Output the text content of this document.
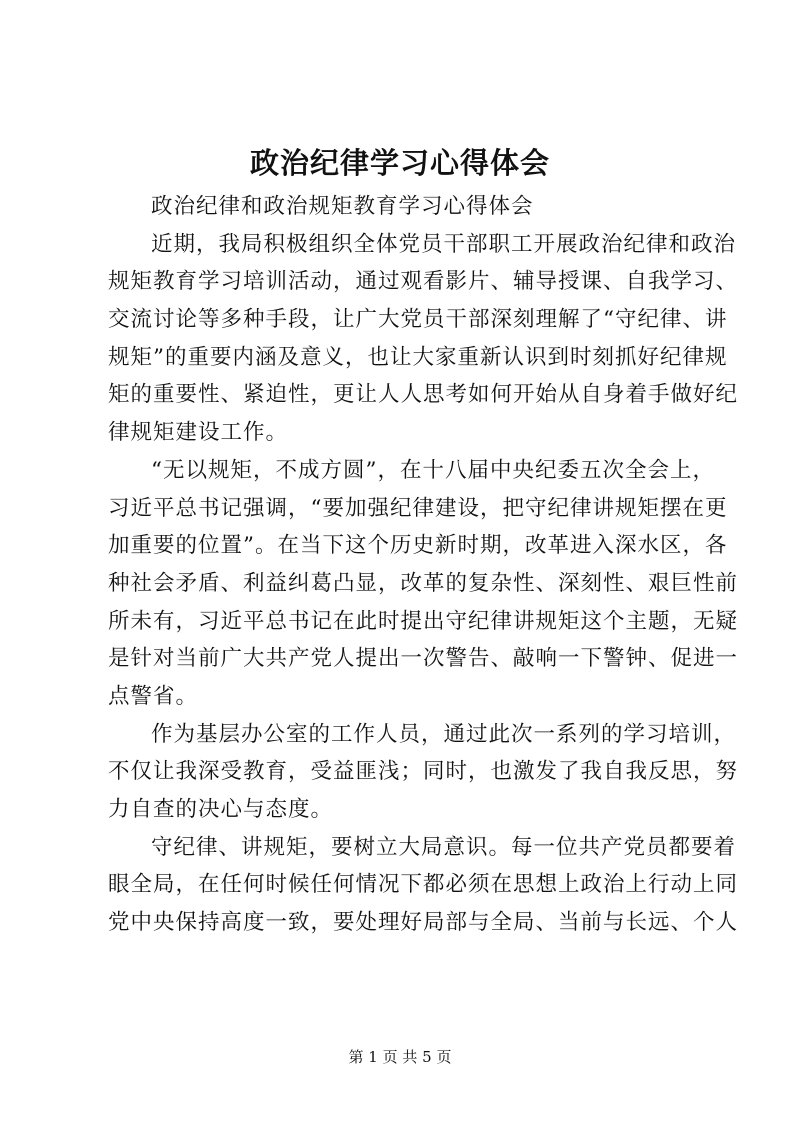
政治纪律学习心得体会
政治纪律和政治规矩教育学习心得体会
近期，我局积极组织全体党员干部职工开展政治纪律和政治
规矩教育学习培训活动，通过观看影片、辅导授课、自我学习、
交流讨论等多种手段，让广大党员干部深刻理解了“守纪律、讲
规矩”的重要内涵及意义，也让大家重新认识到时刻抓好纪律规
矩的重要性、紧迫性，更让人人思考如何开始从自身着手做好纪
律规矩建设工作。
“无以规矩，不成方圆”，在十八届中央纪委五次全会上，
习近平总书记强调，“要加强纪律建设，把守纪律讲规矩摆在更
加重要的位置”。在当下这个历史新时期，改革进入深水区，各
种社会矛盾、利益纠葛凸显，改革的复杂性、深刻性、艰巨性前
所未有，习近平总书记在此时提出守纪律讲规矩这个主题，无疑
是针对当前广大共产党人提出一次警告、敲响一下警钟、促进一
点警省。
作为基层办公室的工作人员，通过此次一系列的学习培训，
不仅让我深受教育，受益匪浅；同时，也激发了我自我反思，努
力自查的决心与态度。
守纪律、讲规矩，要树立大局意识。每一位共产党员都要着
眼全局，在任何时候任何情况下都必须在思想上政治上行动上同
党中央保持高度一致，要处理好局部与全局、当前与长远、个人
第 1 页 共 5 页
